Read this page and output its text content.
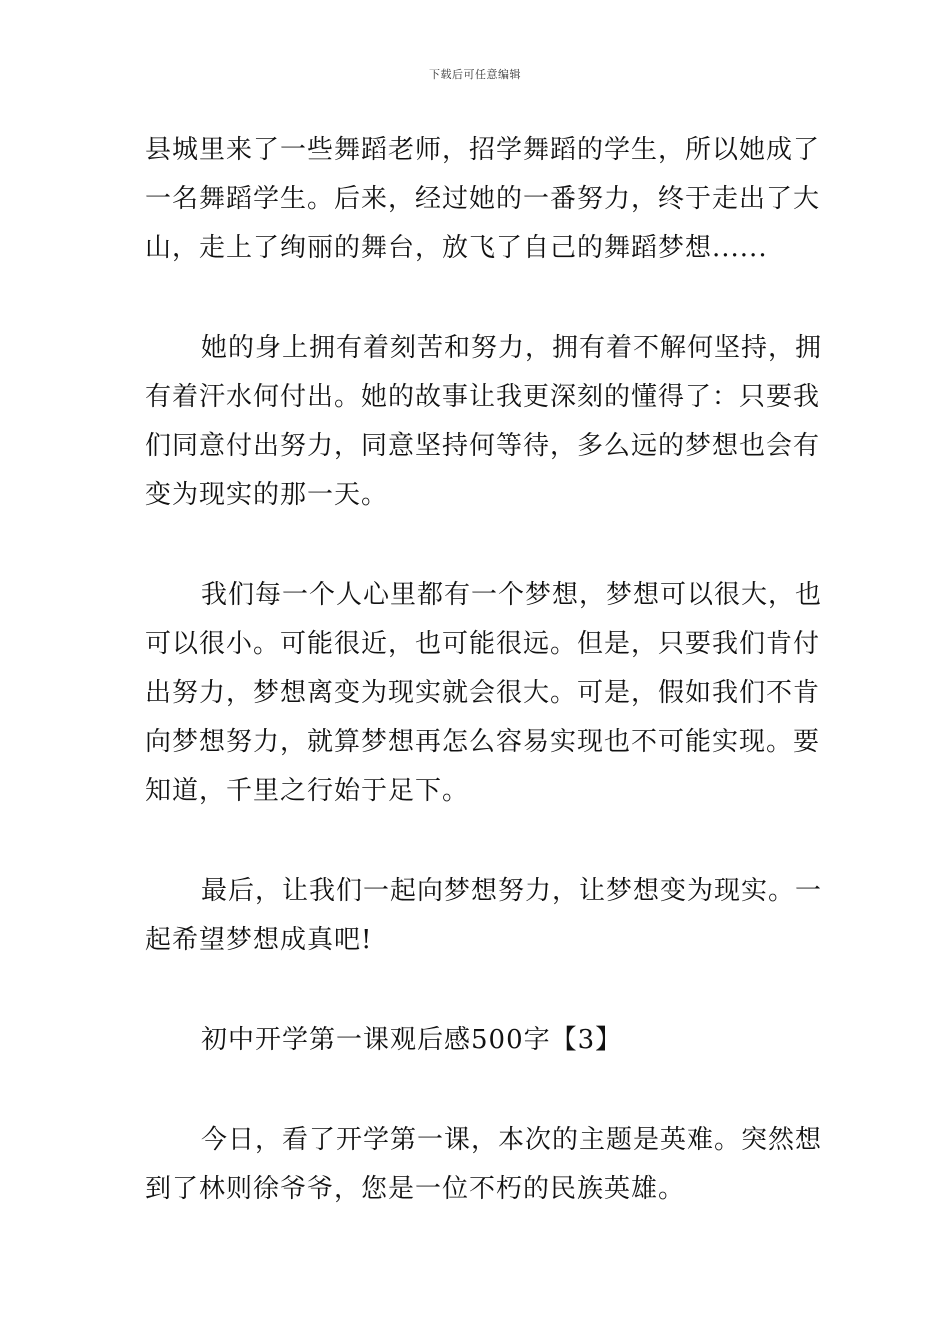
下载后可任意编辑
县城里来了一些舞蹈老师，招学舞蹈的学生，所以她成了
一名舞蹈学生。后来，经过她的一番努力，终于走出了大
山，走上了绚丽的舞台，放飞了自己的舞蹈梦想......
她的身上拥有着刻苦和努力，拥有着不解何坚持，拥
有着汗水何付出。她的故事让我更深刻的懂得了：只要我
们同意付出努力，同意坚持何等待，多么远的梦想也会有
变为现实的那一天。
我们每一个人心里都有一个梦想，梦想可以很大，也
可以很小。可能很近，也可能很远。但是，只要我们肯付
出努力，梦想离变为现实就会很大。可是，假如我们不肯
向梦想努力，就算梦想再怎么容易实现也不可能实现。要
知道，千里之行始于足下。
最后，让我们一起向梦想努力，让梦想变为现实。一
起希望梦想成真吧!
初中开学第一课观后感500字【3】
今日，看了开学第一课，本次的主题是英难。突然想
到了林则徐爷爷，您是一位不朽的民族英雄。
